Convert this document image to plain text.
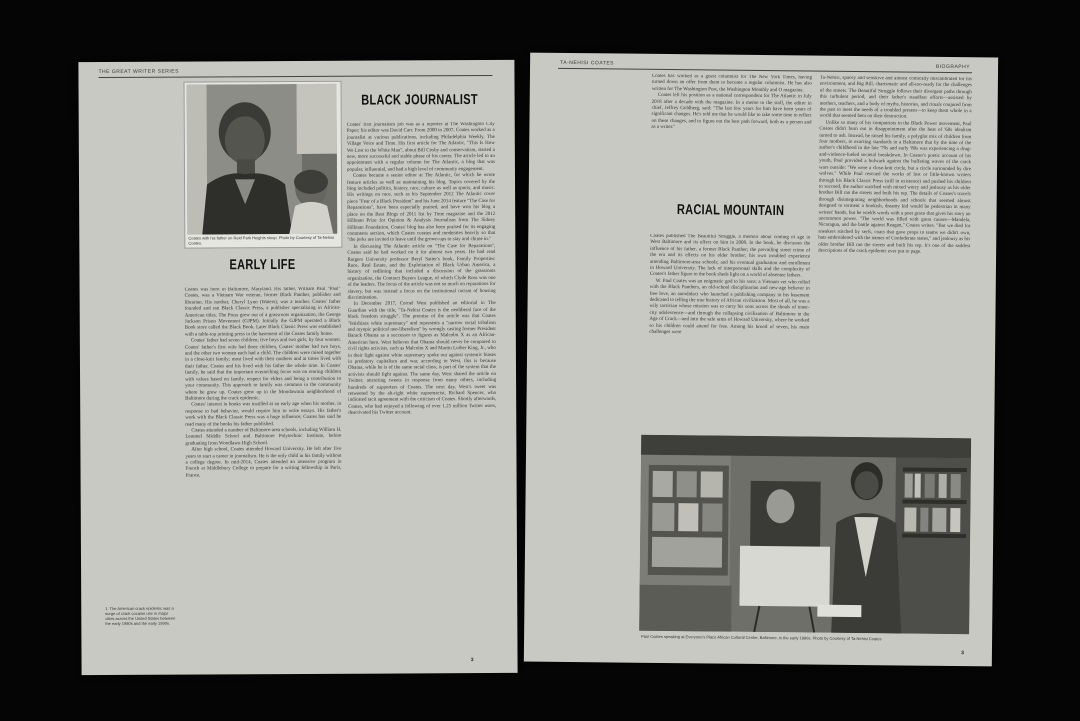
THE GREAT WRITER SERIES
Coates with his father on Reid Park Heights stoop. Photo by Courtesy of Ta-Nehisi Coates.
EARLY LIFE

Coates was born in Baltimore, Maryland. His father, William Paul "Paul" Coates, was a Vietnam War veteran, former Black Panther, publisher and librarian. His mother, Cheryl Lynn (Waters), was a teacher. Coates' father founded and ran Black Classic Press, a publisher specializing in African-American titles. The Press grew out of a grassroots organization, the George Jackson Prison Movement (GJPM). Initially the GJPM operated a Black Book store called the Black Book. Later Black Classic Press was established with a table-top printing press in the basement of the Coates family home.

Coates' father had seven children; five boys and two girls, by four women. Coates' father's first wife had three children, Coates' mother had two boys, and the other two women each had a child. The children were raised together in a close-knit family; most lived with their mothers and at times lived with their father. Coates and his lived with his father the whole time. In Coates' family, he said that the important overarching focus was on rearing children with values based on family, respect for elders and being a contribution to your community. This approach to family was common in the community where he grew up. Coates grew up in the Mondawmin neighborhood of Baltimore during the crack epidemic.

Coates' interest in books was instilled at an early age when his mother, in response to bad behavior, would require him to write essays. His father's work with the Black Classic Press was a huge influence; Coates has said he read many of the books his father published.

Coates attended a number of Baltimore-area schools, including William H. Lemmel Middle School and Baltimore Polytechnic Institute, before graduating from Woodlawn High School.

After high school, Coates attended Howard University. He left after five years to start a career in journalism. He is the only child in his family without a college degree. In mid-2014, Coates attended an intensive program in French at Middlebury College to prepare for a writing fellowship in Paris, France.

BLACK JOURNALIST

Coates' first journalism job was as a reporter at The Washington City Paper; his editor was David Carr. From 2000 to 2007, Coates worked as a journalist at various publications, including Philadelphia Weekly, The Village Voice and Time. His first article for The Atlantic, "This Is How We Lost to the White Man", about Bill Cosby and conservatism, started a new, more successful and stable phase of his career. The article led to an appointment with a regular column for The Atlantic, a blog that was popular, influential, and had a high level of community engagement.

Coates became a senior editor at The Atlantic, for which he wrote feature articles as well as maintaining his blog. Topics covered by the blog included politics, history, race, culture as well as sports, and music. His writings on race, such as his September 2012 The Atlantic cover piece "Fear of a Black President" and his June 2014 feature "The Case for Reparations", have been especially praised, and have won his blog a place on the Best Blogs of 2011 list by Time magazine and the 2012 Hillman Prize for Opinion & Analysis Journalism from The Sidney Hillman Foundation. Coates' blog has also been praised for its engaging comments section, which Coates curates and moderates heavily so that "the jerks are invited to leave until the grown-ups to stay and chime in."

In discussing The Atlantic article on "The Case for Reparations", Coates said he had worked on it for almost two years. He had read Rutgers University professor Beryl Satter's book, Family Properties: Race, Real Estate, and the Exploitation of Black Urban America, a history of redlining that included a discussion of the grassroots organization, the Contract Buyers League, of which Clyde Ross was one of the leaders. The focus of the article was not so much on reparations for slavery, but was instead a focus on the institutional racism of housing discrimination.

In December 2017, Cornel West published an editorial in The Guardian with the title, "Ta-Nehisi Coates is the neoliberal face of the black freedom struggle". The premise of the article was that Coates "fetishizes white supremacy" and represents a "narrow racial tribalism and myopic political neo-liberalism" by wrongly casting former President Barack Obama as a successor to figures as Malcolm X as an African-American hero. West believes that Obama should never be compared to civil rights activists, such as Malcolm X and Martin Luther King, Jr., who in their fight against white supremacy spoke out against systemic biases in predatory capitalism and war, according to West, this is because Obama, while he is of the same racial class, is part of the system that the activists should fight against. The same day, West shared the article on Twitter, attracting tweets in response from many others, including hundreds of supporters of Coates. The next day, West's tweet was retweeted by the alt-right white supremacist, Richard Spencer, who indicated tacit agreement with the criticism of Coates. Shortly afterwards, Coates, who had enjoyed a following of over 1.25 million Twitter users, deactivated his Twitter account.

1. The American crack epidemic was a surge of crack cocaine use in major cities across the United States between the early 1980s and the early 1990s.
3
TA-NEHISI COATES
BIOGRAPHY

Coates has worked as a guest columnist for The New York Times, having turned down an offer from them to become a regular columnist. He has also written for The Washington Post, the Washington Monthly and O magazine.

Coates left his position as a national correspondent for The Atlantic in July 2018 after a decade with the magazine. In a memo to the staff, the editor in chief, Jeffrey Goldberg, said: "The last few years for him have been years of significant changes. He's told me that he would like to take some time to reflect on these changes, and to figure out the best path forward, both as a person and as a writer."

RACIAL MOUNTAIN

Coates published The Beautiful Struggle, a memoir about coming of age in West Baltimore and its effect on him in 2008. In the book, he discusses the influence of his father, a former Black Panther; the prevailing street crime of the era and its effects on his older brother; his own troubled experience attending Baltimore-area schools; and his eventual graduation and enrollment in Howard University. The lack of interpersonal skills and the complexity of Coates's father figure in the book sheds light on a world of absentee fathers.

W. Paul Coates was an enigmatic god to his sons: a Vietnam vet who rolled with the Black Panthers, an old-school disciplinarian and new-age believer in free love, an autodidact who launched a publishing company in his basement dedicated to telling the true history of African civilization. Most of all, he was a wily tactician whose mission was to carry his sons across the shoals of inner-city adolescence—and through the collapsing civilization of Baltimore in the Age of Crack—and into the safe arms of Howard University, where he worked so his children could attend for free. Among his brood of seven, his main challenges were

Ta-Nehisi, spacey and sensitive and almost comically miscalibrated for his environment, and Big Bill, charismatic and all-too-ready for the challenges of the streets. The Beautiful Struggle follows their divergent paths through this turbulent period, and their father's steadfast efforts—assisted by mothers, teachers, and a body of myths, histories, and rituals conjured from the past to meet the needs of a troubled present—to keep them whole in a world that seemed bent on their destruction.

Unlike so many of his compatriots in the Black Power movement, Paul Coates didn't burn out in disappointment after the heat of '60s idealism turned to ash. Instead, he raised his family, a polyglot mix of children from four mothers, to exacting standards in a Baltimore that by the time of the author's childhood in the late '70s and early '80s was experiencing a drug-and-violence-fueled societal breakdown. In Coates's poetic account of his youth, Paul provided a bulwark against the buffeting waves of the crack wars outside: "We were a close-knit circle, but a circle surrounded by dire wolves." While Paul rescued the works of lost or little-known writers through his Black Classic Press (still in existence) and pushed his children to succeed, the author watched with mixed worry and jealousy as his older brother Bill ran the streets and built his rep. The details of Coates's travels through disintegrating neighborhoods and schools that seemed almost designed to torment a bookish, dreamy kid would be pedestrian in many writers' hands, but he wields words with a poet grace that gives his story an uncommon power. "The world was filled with great causes—Mandela, Nicaragua, and the battle against Reagan," Coates writes. "But we died for sneakers stitched by serfs, coats that gave props to teams we didn't own, hats embroidered with the names of Confederate states," and jealousy as his older brother Bill ran the streets and built his rep. It's one of the saddest descriptions of the crack epidemic ever put to page.

Paul Coates speaking at Everyone's Place African Cultural Center, Baltimore, in the early 1990s. Photo by Courtesy of Ta-Nehisi Coates
3
